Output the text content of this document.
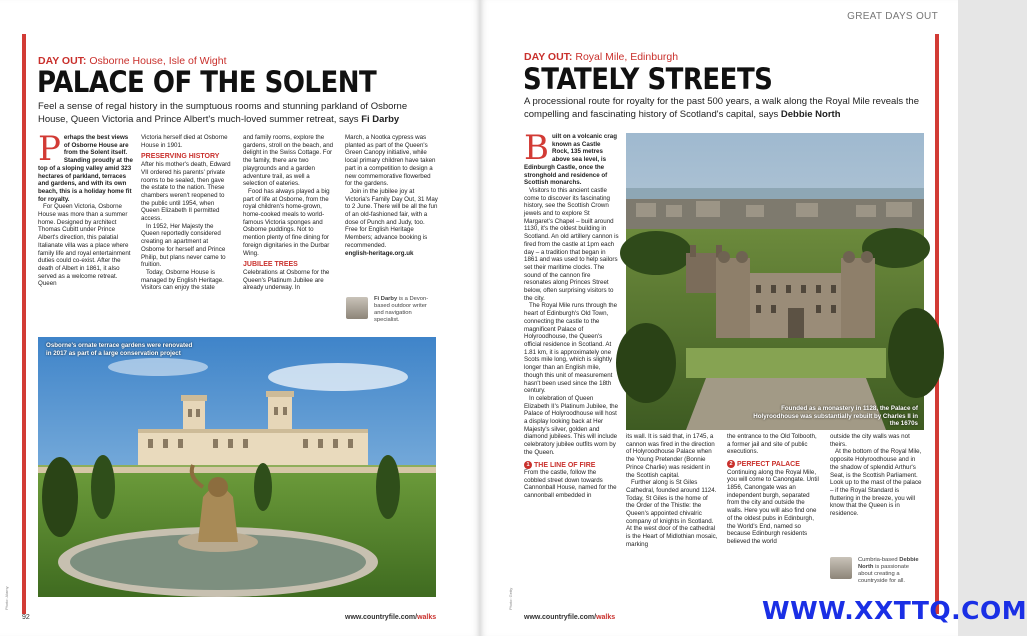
DAY OUT: Osborne House, Isle of Wight
PALACE OF THE SOLENT
Feel a sense of regal history in the sumptuous rooms and stunning parkland of Osborne House, Queen Victoria and Prince Albert's much-loved summer retreat, says Fi Darby
P erhaps the best views of Osborne House are from the Solent itself. Standing proudly at the top of a sloping valley amid 323 hectares of parkland, terraces and gardens, and with its own beach, this is a holiday home fit for royalty.

For Queen Victoria, Osborne House was more than a summer home. Designed by architect Thomas Cubitt under Prince Albert's direction, this palatial Italianate villa was a place where family life and royal entertainment duties could co-exist. After the death of Albert in 1861, it also served as a welcome retreat. Queen

Victoria herself died at Osborne House in 1901.

PRESERVING HISTORY

After his mother's death, Edward VII ordered his parents' private rooms to be sealed, then gave the estate to the nation. These chambers weren't reopened to the public until 1954, when Queen Elizabeth II permitted access.

In 1952, Her Majesty the Queen reportedly considered creating an apartment at Osborne for herself and Prince Philip, but plans never came to fruition.

Today, Osborne House is managed by English Heritage. Visitors can enjoy the state

and family rooms, explore the gardens, stroll on the beach, and delight in the Swiss Cottage. For the family, there are two playgrounds and a garden adventure trail, as well a selection of eateries.

Food has always played a big part of life at Osborne, from the royal children's home-grown, home-cooked meals to world-famous Victoria sponges and Osborne puddings. Not to mention plenty of fine dining for foreign dignitaries in the Durbar Wing.

JUBILEE TREES

Celebrations at Osborne for the Queen's Platinum Jubilee are already underway. In

March, a Nootka cypress was planted as part of the Queen's Green Canopy initiative, while local primary children have taken part in a competition to design a new commemorative flowerbed for the gardens.

Join in the jubilee joy at Victoria's Family Day Out, 31 May to 2 June. There will be all the fun of an old-fashioned fair, with a dose of Punch and Judy, too. Free for English Heritage Members; advance booking is recommended.

english-heritage.org.uk

Fi Darby is a Devon-based outdoor writer and navigation specialist.
Osborne's ornate terrace gardens were renovated in 2017 as part of a large conservation project
Photo: Alamy
92	www.countryfile.com/walks
GREAT DAYS OUT
DAY OUT: Royal Mile, Edinburgh
STATELY STREETS
A processional route for royalty for the past 500 years, a walk along the Royal Mile reveals the compelling and fascinating history of Scotland's capital, says Debbie North
B uilt on a volcanic crag known as Castle Rock, 135 metres above sea level, is Edinburgh Castle, once the stronghold and residence of Scottish monarchs.

Visitors to this ancient castle come to discover its fascinating history, see the Scottish Crown jewels and to explore St Margaret's Chapel – built around 1130, it's the oldest building in Scotland. An old artillery cannon is fired from the castle at 1pm each day – a tradition that began in 1861 and was used to help sailors set their maritime clocks. The sound of the cannon fire resonates along Princes Street below, often surprising visitors to the city.

The Royal Mile runs through the heart of Edinburgh's Old Town, connecting the castle to the magnificent Palace of Holyroodhouse, the Queen's official residence in Scotland. At 1.81 km, it is approximately one Scots mile long, which is slightly longer than an English mile, though this unit of measurement hasn't been used since the 18th century.

In celebration of Queen Elizabeth II's Platinum Jubilee, the Palace of Holyroodhouse will host a display looking back at Her Majesty's silver, golden and diamond jubilees. This will include celebratory jubilee outfits worn by the Queen.

1 THE LINE OF FIRE

From the castle, follow the cobbled street down towards Cannonball House, named for the cannonball embedded in

Founded as a monastery in 1128, the Palace of Holyroodhouse was substantially rebuilt by Charles II in the 1670s

its wall. It is said that, in 1745, a cannon was fired in the direction of Holyroodhouse Palace when the Young Pretender (Bonnie Prince Charlie) was resident in the Scottish capital.

Further along is St Giles Cathedral, founded around 1124. Today, St Giles is the home of the Order of the Thistle: the Queen's appointed chivalric company of knights in Scotland. At the west door of the cathedral is the Heart of Midlothian mosaic, marking

the entrance to the Old Tolbooth, a former jail and site of public executions.

2 PERFECT PALACE

Continuing along the Royal Mile, you will come to Canongate. Until 1856, Canongate was an independent burgh, separated from the city and outside the walls. Here you will also find one of the oldest pubs in Edinburgh, the World's End, named so because Edinburgh residents believed the world

outside the city walls was not theirs.

At the bottom of the Royal Mile, opposite Holyroodhouse and in the shadow of splendid Arthur's Seat, is the Scottish Parliament. Look up to the mast of the palace – if the Royal Standard is fluttering in the breeze, you will know that the Queen is in residence.

Cumbria-based Debbie North is passionate about creating a countryside for all.
Photo: Getty
www.countryfile.com/walks	WWW.XXTTQ.COM
